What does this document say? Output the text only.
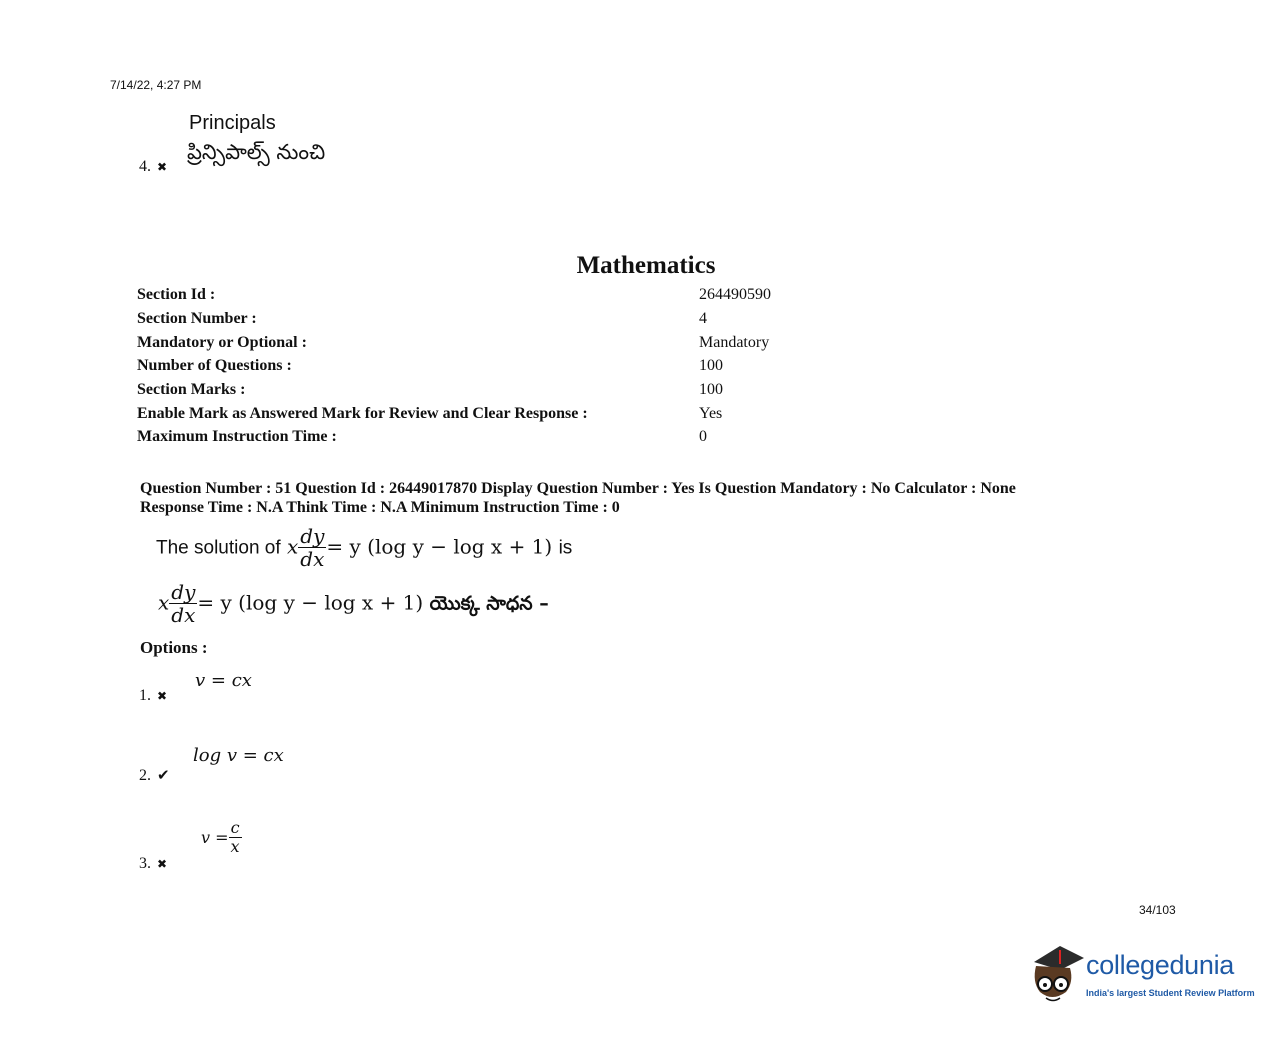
7/14/22, 4:27 PM
Principals
ప్రిన్సిపాల్స్ నుంచి
4. ✖
Mathematics
Section Id :	264490590
Section Number :	4
Mandatory or Optional :	Mandatory
Number of Questions :	100
Section Marks :	100
Enable Mark as Answered Mark for Review and Clear Response :	Yes
Maximum Instruction Time :	0
Question Number : 51 Question Id : 26449017870 Display Question Number : Yes Is Question Mandatory : No Calculator : None
Response Time : N.A Think Time : N.A Minimum Instruction Time : 0
The solution of x $\frac{dy}{dx} = y$ (log y − log x + 1) is
x $\frac{dy}{dx} = y$ (log y − log x + 1) యొక్క సాధన –
Options :
v = cx
1. ✖
log v = cx
2. ✔
$v = \frac{c}{x}$
3. ✖
34/103
collegedunia
India's largest Student Review Platform
